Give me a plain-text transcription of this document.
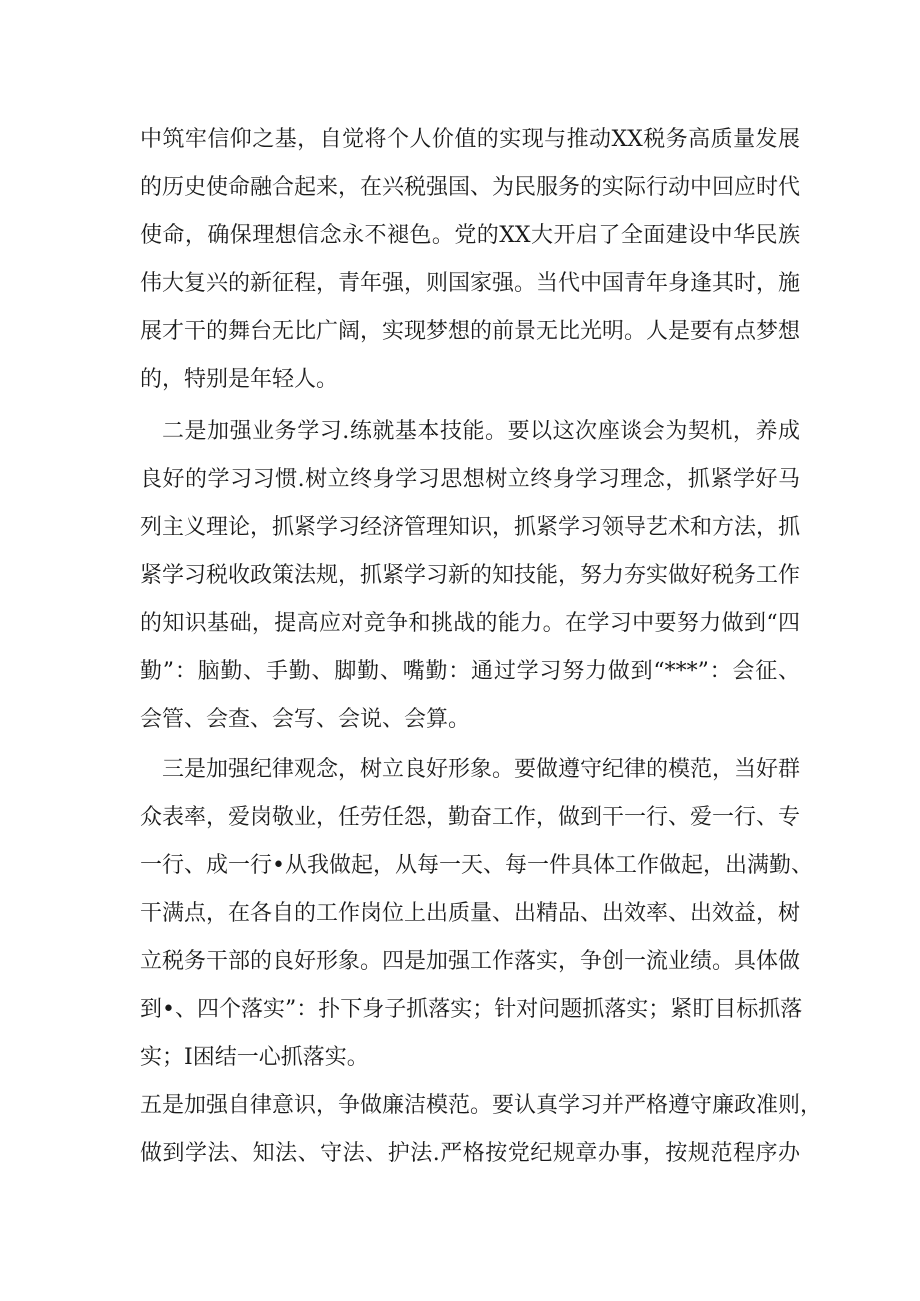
中筑牢信仰之基，自觉将个人价值的实现与推动XX税务高质量发展
的历史使命融合起来，在兴税强国、为民服务的实际行动中回应时代
使命，确保理想信念永不褪色。党的XX大开启了全面建设中华民族
伟大复兴的新征程，青年强，则国家强。当代中国青年身逢其时，施
展才干的舞台无比广阔，实现梦想的前景无比光明。人是要有点梦想
的，特别是年轻人。
二是加强业务学习.练就基本技能。要以这次座谈会为契机，养成
良好的学习习惯.树立终身学习思想树立终身学习理念，抓紧学好马
列主义理论，抓紧学习经济管理知识，抓紧学习领导艺术和方法，抓
紧学习税收政策法规，抓紧学习新的知技能，努力夯实做好税务工作
的知识基础，提高应对竞争和挑战的能力。在学习中要努力做到“四
勤”：脑勤、手勤、脚勤、嘴勤：通过学习努力做到“***”：会征、
会管、会查、会写、会说、会算。
三是加强纪律观念，树立良好形象。要做遵守纪律的模范，当好群
众表率，爱岗敬业，任劳任怨，勤奋工作，做到干一行、爱一行、专
一行、成一行•从我做起，从每一天、每一件具体工作做起，出满勤、
干满点，在各自的工作岗位上出质量、出精品、出效率、出效益，树
立税务干部的良好形象。四是加强工作落实，争创一流业绩。具体做
到•、四个落实”：扑下身子抓落实；针对问题抓落实；紧盯目标抓落
实；I困结一心抓落实。
五是加强自律意识，争做廉洁模范。要认真学习并严格遵守廉政准则，
做到学法、知法、守法、护法.严格按党纪规章办事，按规范程序办
